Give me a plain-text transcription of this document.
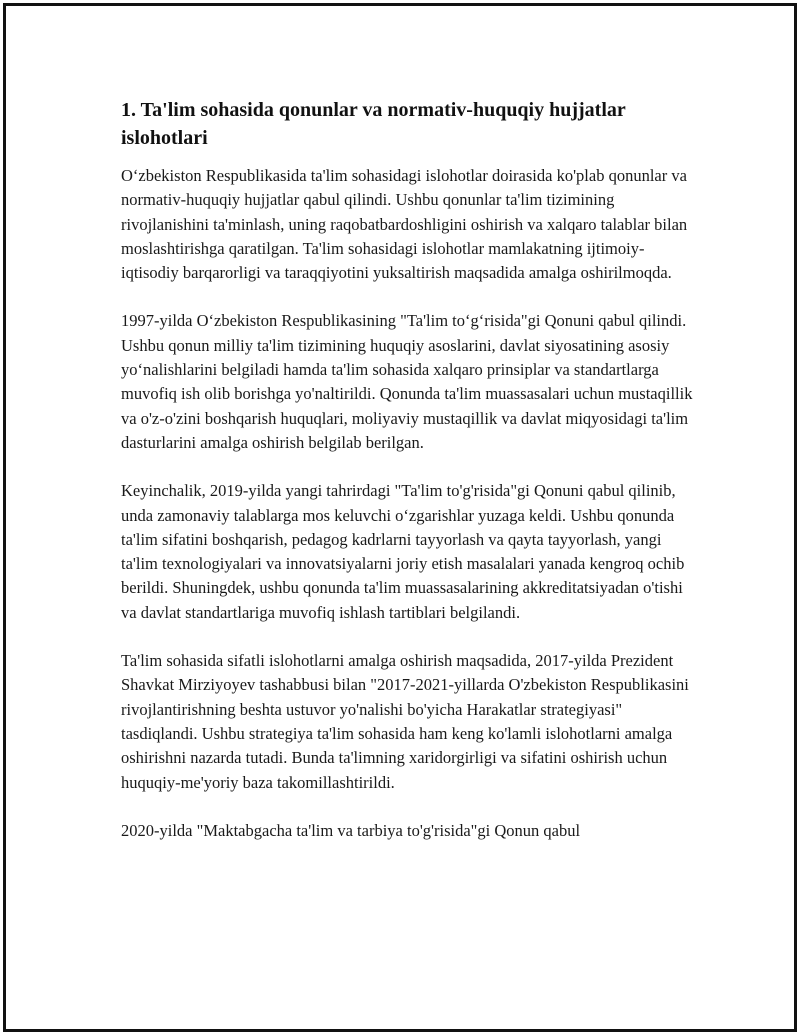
1. Ta'lim sohasida qonunlar va normativ-huquqiy hujjatlar islohotlari

O‘zbekiston Respublikasida ta'lim sohasidagi islohotlar doirasida ko'plab qonunlar va normativ-huquqiy hujjatlar qabul qilindi. Ushbu qonunlar ta'lim tizimining rivojlanishini ta'minlash, uning raqobatbardoshligini oshirish va xalqaro talablar bilan moslashtirishga qaratilgan. Ta'lim sohasidagi islohotlar mamlakatning ijtimoiy-iqtisodiy barqarorligi va taraqqiyotini yuksaltirish maqsadida amalga oshirilmoqda.

1997-yilda O‘zbekiston Respublikasining "Ta'lim to‘g‘risida"gi Qonuni qabul qilindi. Ushbu qonun milliy ta'lim tizimining huquqiy asoslarini, davlat siyosatining asosiy yo‘nalishlarini belgiladi hamda ta'lim sohasida xalqaro prinsiplar va standartlarga muvofiq ish olib borishga yo'naltirildi. Qonunda ta'lim muassasalari uchun mustaqillik va o'z-o'zini boshqarish huquqlari, moliyaviy mustaqillik va davlat miqyosidagi ta'lim dasturlarini amalga oshirish belgilab berilgan.

Keyinchalik, 2019-yilda yangi tahrirdagi "Ta'lim to'g'risida"gi Qonuni qabul qilinib, unda zamonaviy talablarga mos keluvchi o‘zgarishlar yuzaga keldi. Ushbu qonunda ta'lim sifatini boshqarish, pedagog kadrlarni tayyorlash va qayta tayyorlash, yangi ta'lim texnologiyalari va innovatsiyalarni joriy etish masalalari yanada kengroq ochib berildi. Shuningdek, ushbu qonunda ta'lim muassasalarining akkreditatsiyadan o'tishi va davlat standartlariga muvofiq ishlash tartiblari belgilandi.

Ta'lim sohasida sifatli islohotlarni amalga oshirish maqsadida, 2017-yilda Prezident Shavkat Mirziyoyev tashabbusi bilan "2017-2021-yillarda O'zbekiston Respublikasini rivojlantirishning beshta ustuvor yo'nalishi bo'yicha Harakatlar strategiyasi" tasdiqlandi. Ushbu strategiya ta'lim sohasida ham keng ko'lamli islohotlarni amalga oshirishni nazarda tutadi. Bunda ta'limning xaridorgirligi va sifatini oshirish uchun huquqiy-me'yoriy baza takomillashtirildi.

2020-yilda "Maktabgacha ta'lim va tarbiya to'g'risida"gi Qonun qabul
